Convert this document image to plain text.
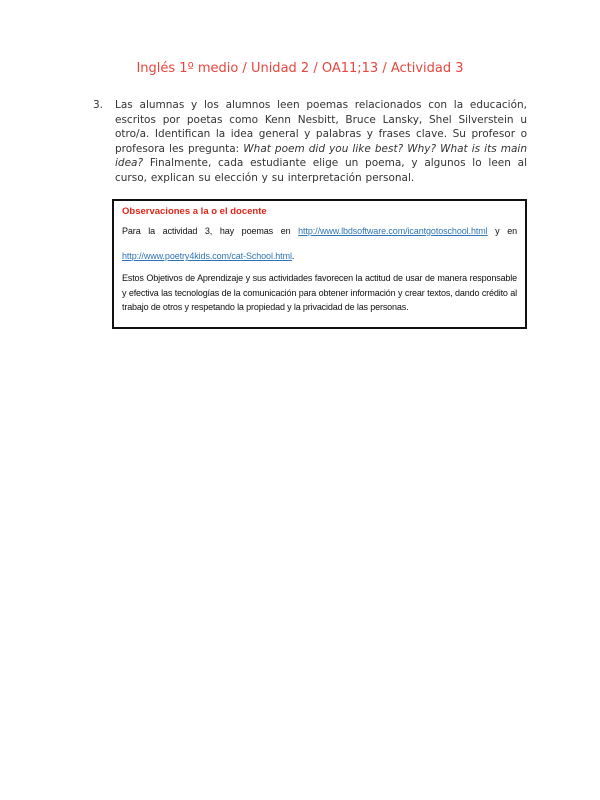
Inglés 1º medio / Unidad 2 / OA11;13 / Actividad 3
3.	Las alumnas y los alumnos leen poemas relacionados con la educación, escritos por poetas como Kenn Nesbitt, Bruce Lansky, Shel Silverstein u otro/a. Identifican la idea general y palabras y frases clave. Su profesor o profesora les pregunta: What poem did you like best? Why? What is its main idea? Finalmente, cada estudiante elige un poema, y algunos lo leen al curso, explican su elección y su interpretación personal.

Observaciones a la o el docente
Para la actividad 3, hay poemas en http://www.lbdsoftware.com/icantgotoschool.html y en
http://www.poetry4kids.com/cat-School.html.

Estos Objetivos de Aprendizaje y sus actividades favorecen la actitud de usar de manera responsable y efectiva las tecnologías de la comunicación para obtener información y crear textos, dando crédito al trabajo de otros y respetando la propiedad y la privacidad de las personas.
